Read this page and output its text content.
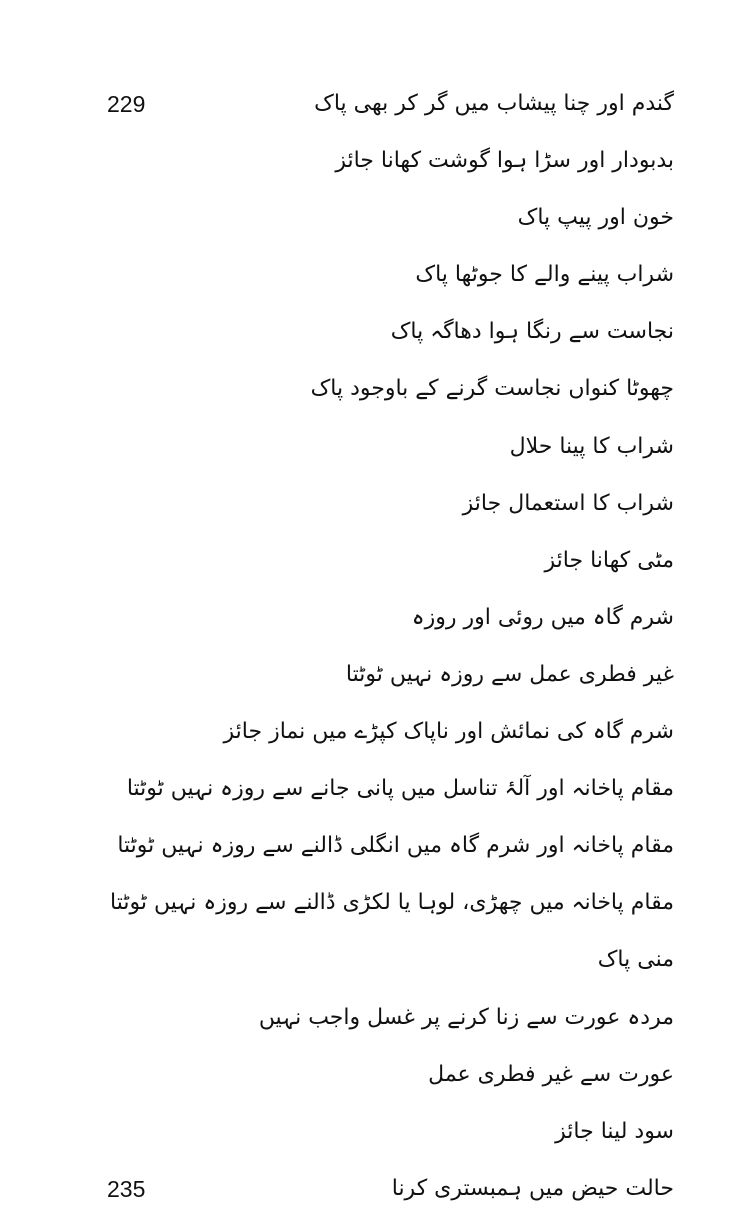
گندم اور چنا پیشاب میں گر کر بھی پاک
229
بدبودار اور سڑا ہوا گوشت کھانا جائز
خون اور پیپ پاک
شراب پینے والے کا جوٹھا پاک
نجاست سے رنگا ہوا دھاگہ پاک
چھوٹا کنواں نجاست گرنے کے باوجود پاک
شراب کا پینا حلال
شراب کا استعمال جائز
مٹی کھانا جائز
شرم گاہ میں روئی اور روزہ
غیر فطری عمل سے روزہ نہیں ٹوٹتا
شرم گاہ کی نمائش اور ناپاک کپڑے میں نماز جائز
مقام پاخانہ اور آلۂ تناسل میں پانی جانے سے روزہ نہیں ٹوٹتا
مقام پاخانہ اور شرم گاہ میں انگلی ڈالنے سے روزہ نہیں ٹوٹتا
مقام پاخانہ میں چھڑی، لوہا یا لکڑی ڈالنے سے روزہ نہیں ٹوٹتا
منی پاک
مردہ عورت سے زنا کرنے پر غسل واجب نہیں
عورت سے غیر فطری عمل
سود لینا جائز
حالت حیض میں ہمبستری کرنا
235
